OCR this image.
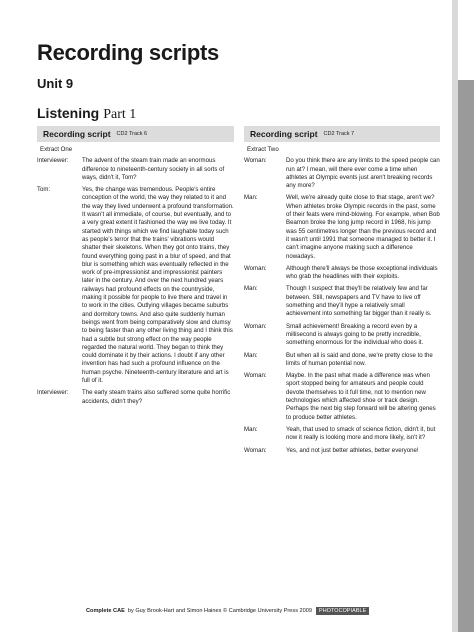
Recording scripts
Unit 9
Listening Part 1
Recording script CD2 Track 6
Extract One
Interviewer:	The advent of the steam train made an enormous difference to nineteenth-century society in all sorts of ways, didn't it, Tom?
Tom:	Yes, the change was tremendous. People's entire conception of the world, the way they related to it and the way they lived underwent a profound transformation. It wasn't all immediate, of course, but eventually, and to a very great extent it fashioned the way we live today. It started with things which we find laughable today such as people's terror that the trains' vibrations would shatter their skeletons. When they got onto trains, they found everything going past in a blur of speed, and that blur is something which was eventually reflected in the work of pre-impressionist and impressionist painters later in the century. And over the next hundred years railways had profound effects on the countryside, making it possible for people to live there and travel in to work in the cities. Outlying villages became suburbs and dormitory towns. And also quite suddenly human beings went from being comparatively slow and clumsy to being faster than any other living thing and I think this had a subtle but strong effect on the way people regarded the natural world. They began to think they could dominate it by their actions. I doubt if any other invention has had such a profound influence on the human psyche. Nineteenth-century literature and art is full of it.
Interviewer:	The early steam trains also suffered some quite horrific accidents, didn't they?
Recording script CD2 Track 7
Extract Two
Woman:	Do you think there are any limits to the speed people can run at? I mean, will there ever come a time when athletes at Olympic events just aren't breaking records any more?
Man:	Well, we're already quite close to that stage, aren't we? When athletes broke Olympic records in the past, some of their feats were mind-blowing. For example, when Bob Beamon broke the long jump record in 1968, his jump was 55 centimetres longer than the previous record and it wasn't until 1991 that someone managed to better it. I can't imagine anyone making such a difference nowadays.
Woman:	Although there'll always be those exceptional individuals who grab the headlines with their exploits.
Man:	Though I suspect that they'll be relatively few and far between. Still, newspapers and TV have to live off something and they'll hype a relatively small achievement into something far bigger than it really is.
Woman:	Small achievement! Breaking a record even by a millisecond is always going to be pretty incredible, something enormous for the individual who does it.
Man:	But when all is said and done, we're pretty close to the limits of human potential now.
Woman:	Maybe. In the past what made a difference was when sport stopped being for amateurs and people could devote themselves to it full time, not to mention new technologies which affected shoe or track design. Perhaps the next big step forward will be altering genes to produce better athletes.
Man:	Yeah, that used to smack of science fiction, didn't it, but now it really is looking more and more likely, isn't it?
Woman:	Yes, and not just better athletes, better everyone!
Complete CAE by Guy Brook-Hart and Simon Haines © Cambridge University Press 2009	PHOTOCOPIABLE
